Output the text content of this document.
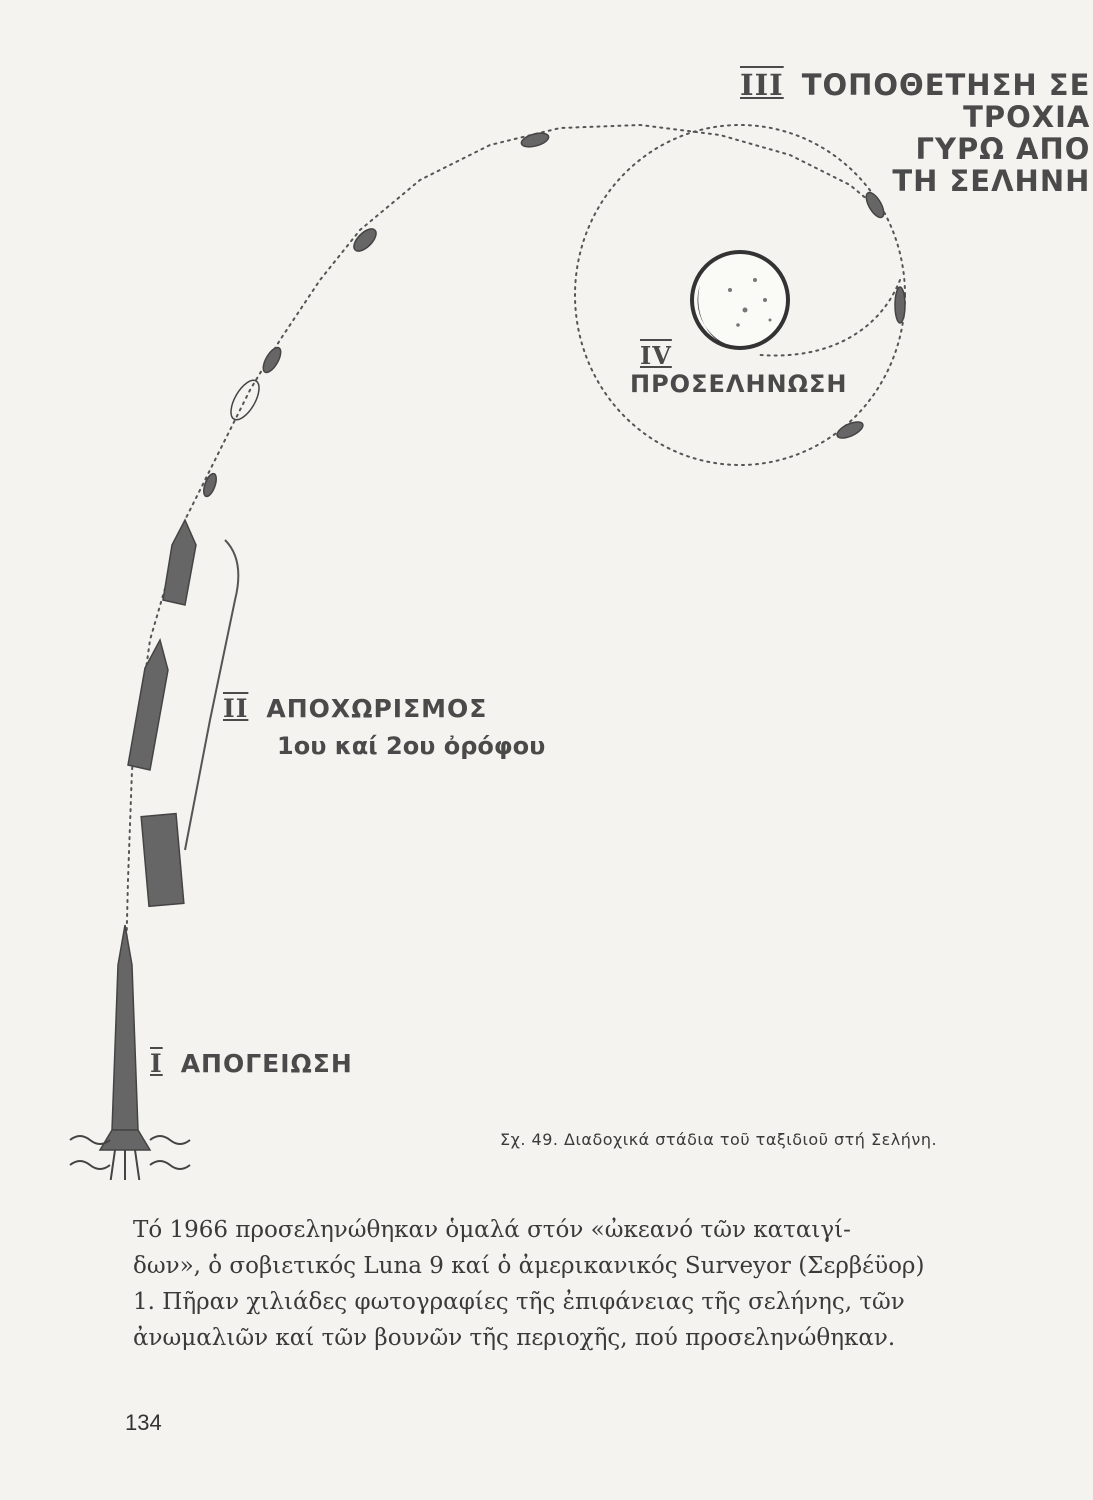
III ΤΟΠΟΘΕΤΗΣΗ ΣΕ
ΤΡΟΧΙΑ
ΓΥΡΩ ΑΠΟ
ΤΗ ΣΕΛΗΝΗ
IV
ΠΡΟΣΕΛΗΝΩΣΗ
II ΑΠΟΧΩΡΙΣΜΟΣ
1ου καί 2ου ὀρόφου
I ΑΠΟΓΕΙΩΣΗ
Σχ. 49. Διαδοχικά στάδια τοῦ ταξιδιοῦ στή Σελήνη.
Τό 1966 προσεληνώθηκαν ὁμαλά στόν «ὠκεανό τῶν καταιγί-
δων», ὁ σοβιετικός Luna 9 καί ὁ ἀμερικανικός Surveyor (Σερβέϋορ)
1. Πῆραν χιλιάδες φωτογραφίες τῆς ἐπιφάνειας τῆς σελήνης, τῶν
ἀνωμαλιῶν καί τῶν βουνῶν τῆς περιοχῆς, πού προσεληνώθηκαν.
134
